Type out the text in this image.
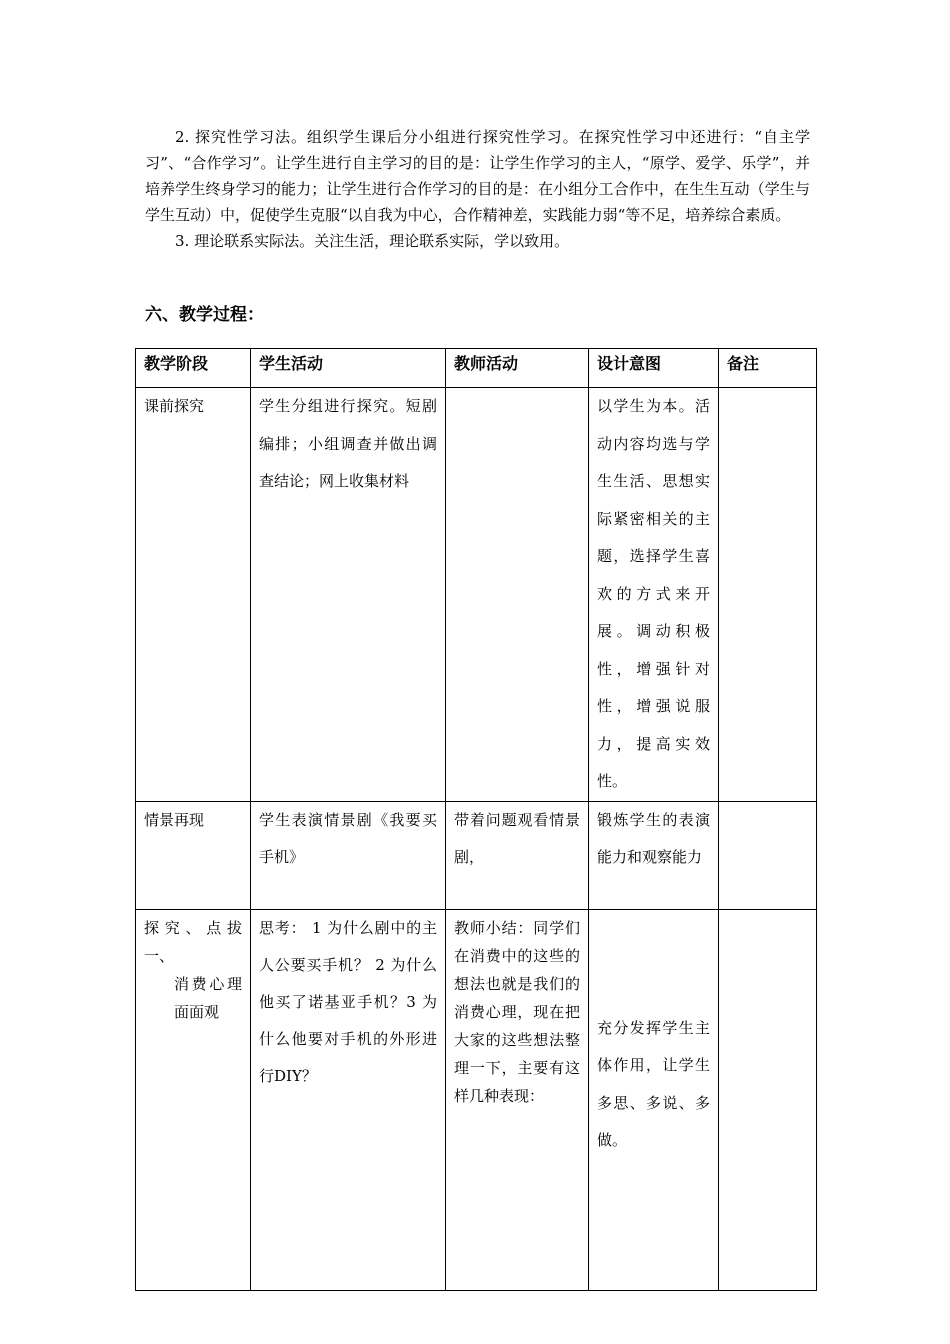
2. 探究性学习法。组织学生课后分小组进行探究性学习。在探究性学习中还进行：“自主学习”、“合作学习”。让学生进行自主学习的目的是：让学生作学习的主人，“原学、爱学、乐学”，并培养学生终身学习的能力；让学生进行合作学习的目的是：在小组分工合作中，在生生互动（学生与学生互动）中，促使学生克服“以自我为中心，合作精神差，实践能力弱“等不足，培养综合素质。

3. 理论联系实际法。关注生活，理论联系实际，学以致用。

六、教学过程：
教学阶段	学生活动	教师活动	设计意图	备注
课前探究	学生分组进行探究。短剧编排；小组调查并做出调查结论；网上收集材料		以学生为本。活动内容均选与学生生活、思想实际紧密相关的主题，选择学生喜欢的方式来开展。调动积极性，增强针对性，增强说服力，提高实效性。	
情景再现	学生表演情景剧《我要买手机》	带着问题观看情景剧，	锻炼学生的表演能力和观察能力	

探究、点拔一、
消费心理面面观	思考： 1 为什么剧中的主人公要买手机？ 2 为什么他买了诺基亚手机？3 为什么他要对手机的外形进行DIY？	教师小结：同学们在消费中的这些的想法也就是我们的消费心理，现在把大家的这些想法整理一下，主要有这样几种表现：	充分发挥学生主体作用，让学生多思、多说、多做。	
